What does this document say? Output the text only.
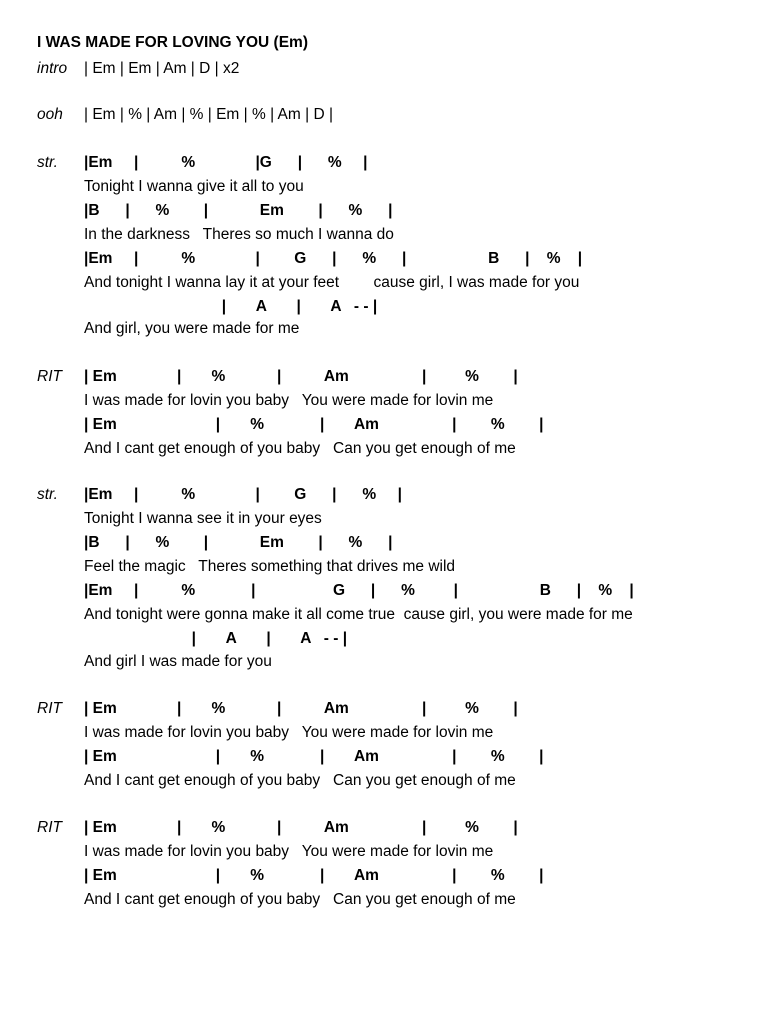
I WAS MADE FOR LOVING YOU (Em)
intro | Em | Em | Am | D | x2
ooh | Em | % | Am | % | Em | % | Am | D |
str. |Em     |          %              |G      |      %     |
Tonight I wanna give it all to you
|B      |      %        |            Em        |      %      |
In the darkness   Theres so much I wanna do
|Em     |          %              |        G      |      %      |                   B      |    %    |
And tonight I wanna lay it at your feet        cause girl, I was made for you
|       A       |       A   - - |
And girl, you were made for me
RIT | Em              |       %            |          Am                 |         %        |
I was made for lovin you baby   You were made for lovin me
| Em                       |       %             |       Am                 |        %        |
And I cant get enough of you baby   Can you get enough of me
str. |Em     |          %              |        G      |      %     |
Tonight I wanna see it in your eyes
|B      |      %        |            Em        |      %      |
Feel the magic   Theres something that drives me wild
|Em     |          %             |                  G      |      %         |                   B      |    %    |
And tonight were gonna make it all come true  cause girl, you were made for me
|       A       |       A   - - |
And girl I was made for you
RIT | Em              |       %            |          Am                 |         %        |
I was made for lovin you baby   You were made for lovin me
| Em                       |       %             |       Am                 |        %        |
And I cant get enough of you baby   Can you get enough of me
RIT | Em              |       %            |          Am                 |         %        |
I was made for lovin you baby   You were made for lovin me
| Em                       |       %             |       Am                 |        %        |
And I cant get enough of you baby   Can you get enough of me
